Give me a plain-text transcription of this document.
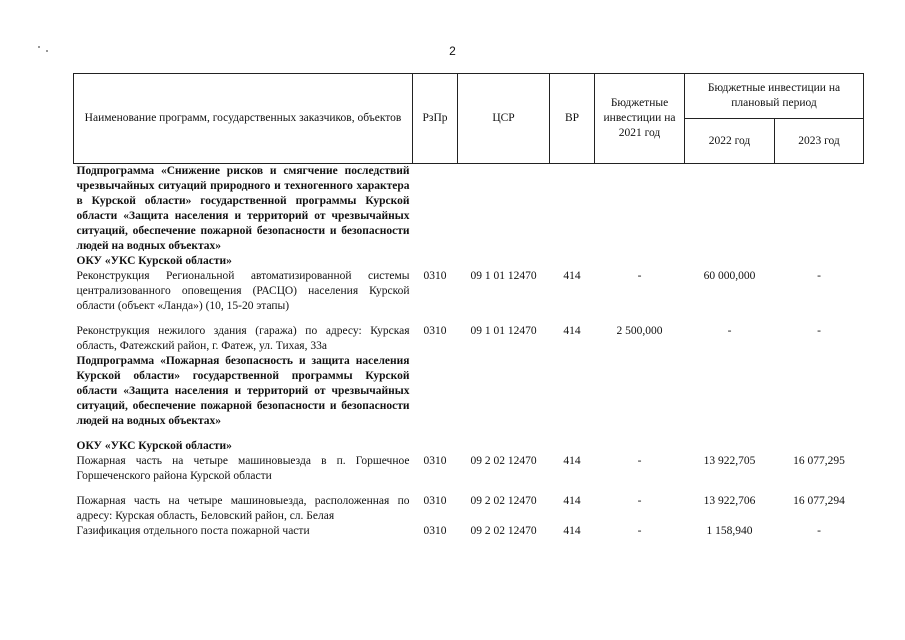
2
Наименование программ, государственных заказчиков, объектов	РзПр	ЦСР	ВР	Бюджетные инвестиции на 2021 год	Бюджетные инвестиции на плановый период	
					2022 год	2023 год
Подпрограмма «Снижение рисков и смягчение последствий чрезвычайных ситуаций природного и техногенного характера в Курской области» государственной программы Курской области «Защита населения и территорий от чрезвычайных ситуаций, обеспечение пожарной безопасности и безопасности людей на водных объектах»						
ОКУ «УКС Курской области»						
Реконструкция Региональной автоматизированной системы централизованного оповещения (РАСЦО) населения Курской области (объект «Ланда») (10, 15-20 этапы)	0310	09 1 01 12470	414	-	60 000,000	-
Реконструкция нежилого здания (гаража) по адресу: Курская область, Фатежский район, г. Фатеж, ул. Тихая, 33а	0310	09 1 01 12470	414	2 500,000	-	-
Подпрограмма «Пожарная безопасность и защита населения Курской области» государственной программы Курской области «Защита населения и территорий от чрезвычайных ситуаций, обеспечение пожарной безопасности и безопасности людей на водных объектах»						
ОКУ «УКС Курской области»						
Пожарная часть на четыре машиновыезда в п. Горшечное Горшеченского района Курской области	0310	09 2 02 12470	414	-	13 922,705	16 077,295
Пожарная часть на четыре машиновыезда, расположенная по адресу: Курская область, Беловский район, сл. Белая	0310	09 2 02 12470	414	-	13 922,706	16 077,294
Газификация отдельного поста пожарной части	0310	09 2 02 12470	414	-	1 158,940	-
